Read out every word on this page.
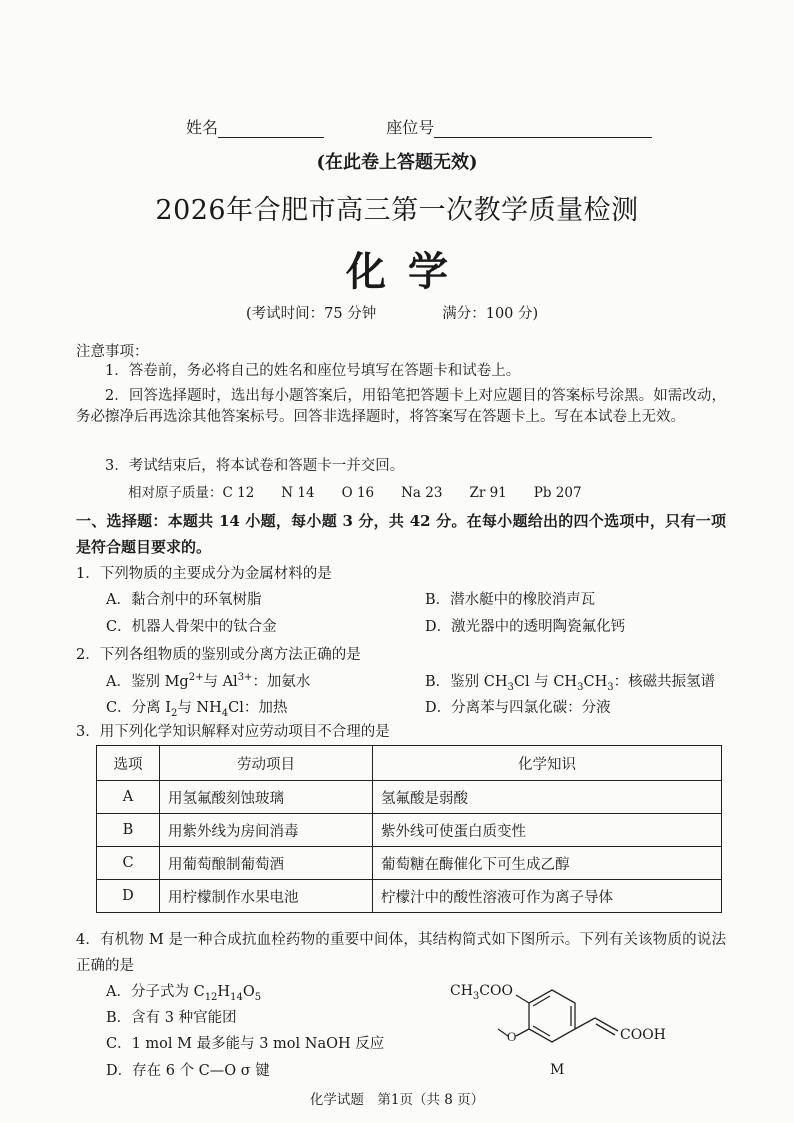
姓名	座位号
(在此卷上答题无效)
2026年合肥市高三第一次教学质量检测
化学
(考试时间：75 分钟	满分：100 分)
注意事项：
1．答卷前，务必将自己的姓名和座位号填写在答题卡和试卷上。
2．回答选择题时，选出每小题答案后，用铅笔把答题卡上对应题目的答案标号涂黑。如需改动，务必擦净后再选涂其他答案标号。回答非选择题时，将答案写在答题卡上。写在本试卷上无效。
3．考试结束后，将本试卷和答题卡一并交回。
相对原子质量：C 12　　N 14　　O 16　　Na 23　　Zr 91　　Pb 207
一、选择题：本题共 14 小题，每小题 3 分，共 42 分。在每小题给出的四个选项中，只有一项是符合题目要求的。
1．下列物质的主要成分为金属材料的是
A．黏合剂中的环氧树脂	B．潜水艇中的橡胶消声瓦
C．机器人骨架中的钛合金	D．激光器中的透明陶瓷氟化钙
2．下列各组物质的鉴别或分离方法正确的是
A．鉴别 $Mg^{2+}$与 $Al^{3+}$：加氨水	B．鉴别 $CH_3Cl$ 与 $CH_3CH_3$：核磁共振氢谱
C．分离 $I_2$与 $NH_4Cl$：加热	D．分离苯与四氯化碳：分液
3．用下列化学知识解释对应劳动项目不合理的是
选项	劳动项目	化学知识
A	用氢氟酸刻蚀玻璃	氢氟酸是弱酸
B	用紫外线为房间消毒	紫外线可使蛋白质变性
C	用葡萄酿制葡萄酒	葡萄糖在酶催化下可生成乙醇
D	用柠檬制作水果电池	柠檬汁中的酸性溶液可作为离子导体
4．有机物 M 是一种合成抗血栓药物的重要中间体，其结构简式如下图所示。下列有关该物质的说法正确的是
A．分子式为 $C_{12}H_{14}O_5$
B．含有 3 种官能团
C．1 mol M 最多能与 3 mol NaOH 反应
D．存在 6 个 C—O σ 键
O
$CH_3COO$
COOH
M
化学试题　第1页（共 8 页）
